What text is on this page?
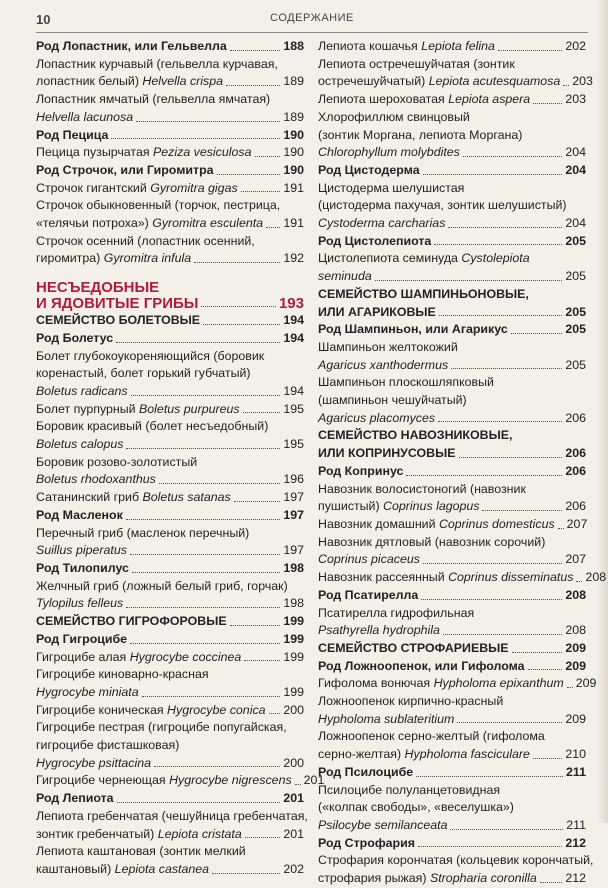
10	СОДЕРЖАНИЕ
Род Лопастник, или Гельвелла	188
Лопастник курчавый (гельвелла курчавая,
лопастник белый) Helvella crispa	189
Лопастник ямчатый (гельвелла ямчатая)
Helvella lacunosa	189
Род Пецица	190
Пецица пузырчатая Peziza vesiculosa	190
Род Строчок, или Гиромитра	190
Строчок гигантский Gyromitra gigas	191
Строчок обыкновенный (торчок, пестрица,
«телячьи потроха») Gyromitra esculenta 191
Строчок осенний (лопастник осенний,
гиромитра) Gyromitra infula	192
НЕСЪЕДОБНЫЕ
И ЯДОВИТЫЕ ГРИБЫ	193
СЕМЕЙСТВО БОЛЕТОВЫЕ	194
Род Болетус	194
Болет глубокоукореняющийся (боровик
коренастый, болет горький губчатый)
Boletus radicans	194
Болет пурпурный Boletus purpureus	195
Боровик красивый (болет несъедобный)
Boletus calopus	195
Боровик розово-золотистый
Boletus rhodoxanthus	196
Сатанинский гриб Boletus satanas	197
Род Масленок	197
Перечный гриб (масленок перечный)
Suillus piperatus	197
Род Тилопилус	198
Желчный гриб (ложный белый гриб, горчак)
Tylopilus felleus	198
СЕМЕЙСТВО ГИГРОФОРОВЫЕ	199
Род Гигроцибе	199
Гигроцибе алая Hygrocybe coccinea	199
Гигроцибе киноварно-красная
Hygrocybe miniata	199
Гигроцибе коническая Hygrocybe conica 200
Гигроцибе пестрая (гигроцибе попугайская,
гигроцибе фисташковая)
Hygrocybe psittacina	200
Гигроцибе чернеющая Hygrocybe nigrescens 201
Род Лепиота	201
Лепиота гребенчатая (чешуйница гребенчатая,
зонтик гребенчатый) Lepiota cristata	201
Лепиота каштановая (зонтик мелкий
каштановый) Lepiota castanea	202
Лепиота кошачья Lepiota felina	202
Лепиота остречешуйчатая (зонтик
остречешуйчатый) Lepiota acutesquamosa 203
Лепиота шероховатая Lepiota aspera	203
Хлорофиллюм свинцовый
(зонтик Моргана, лепиота Моргана)
Chlorophyllum molybdites	204
Род Цистодерма	204
Цистодерма шелушистая
(цистодерма пахучая, зонтик шелушистый)
Cystoderma carcharias	204
Род Цистолепиота	205
Цистолепиота семинуда Cystolepiota
seminuda	205
СЕМЕЙСТВО ШАМПИНЬОНОВЫЕ,
ИЛИ АГАРИКОВЫЕ	205
Род Шампиньон, или Агарикус	205
Шампиньон желтокожий
Agaricus xanthodermus	205
Шампиньон плоскошляпковый
(шампиньон чешуйчатый)
Agaricus placomyces	206
СЕМЕЙСТВО НАВОЗНИКОВЫЕ,
ИЛИ КОПРИНУСОВЫЕ	206
Род Копринус	206
Навозник волосистоногий (навозник
пушистый) Coprinus lagopus	206
Навозник домашний Coprinus domesticus 207
Навозник дятловый (навозник сорочий)
Coprinus picaceus	207
Навозник рассеянный Coprinus disseminatus 208
Род Псатирелла	208
Псатирелла гидрофильная
Psathyrella hydrophila	208
СЕМЕЙСТВО СТРОФАРИЕВЫЕ	209
Род Ложноопенок, или Гифолома	209
Гифолома вонючая Hypholoma epixanthum 209
Ложноопенок кирпично-красный
Hypholoma sublateritium	209
Ложноопенок серно-желтый (гифолома
серно-желтая) Hypholoma fasciculare	210
Род Псилоцибе	211
Псилоцибе полуланцетовидная
(«колпак свободы», «веселушка»)
Psilocybe semilanceata	211
Род Строфария	212
Строфария корончатая (кольцевик корончатый,
строфария рыжая) Stropharia coronilla 212
